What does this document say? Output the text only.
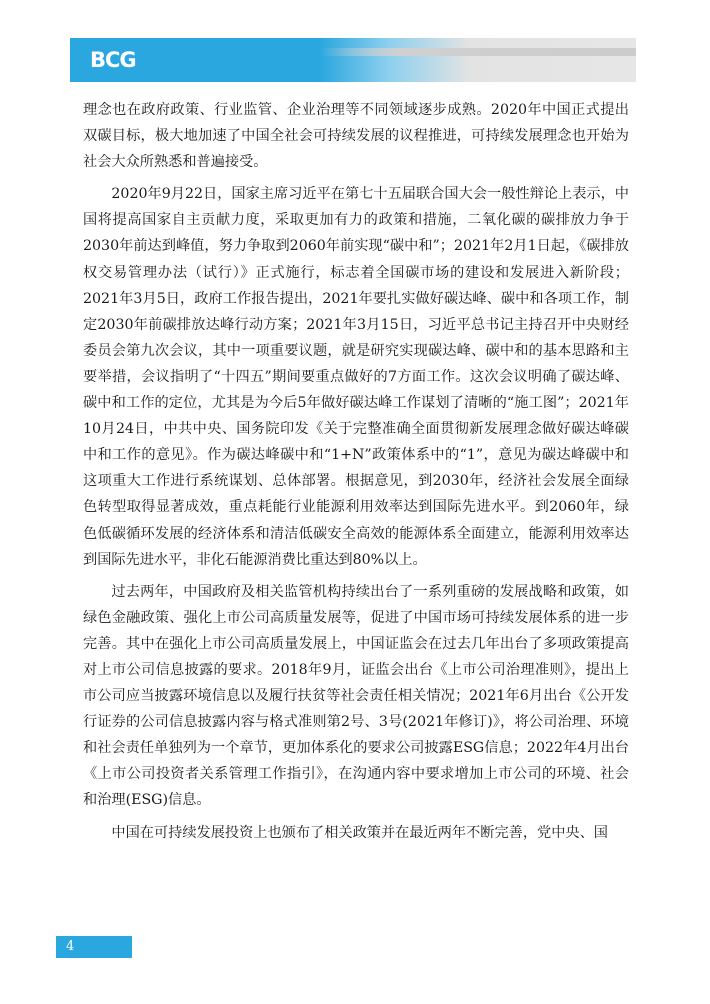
BCG

理念也在政府政策、行业监管、企业治理等不同领域逐步成熟。2020年中国正式提出双碳目标，极大地加速了中国全社会可持续发展的议程推进，可持续发展理念也开始为社会大众所熟悉和普遍接受。

2020年9月22日，国家主席习近平在第七十五届联合国大会一般性辩论上表示，中国将提高国家自主贡献力度，采取更加有力的政策和措施，二氧化碳的碳排放力争于2030年前达到峰值，努力争取到2060年前实现“碳中和”；2021年2月1日起，《碳排放权交易管理办法（试行）》正式施行，标志着全国碳市场的建设和发展进入新阶段；2021年3月5日，政府工作报告提出，2021年要扎实做好碳达峰、碳中和各项工作，制定2030年前碳排放达峰行动方案；2021年3月15日，习近平总书记主持召开中央财经委员会第九次会议，其中一项重要议题，就是研究实现碳达峰、碳中和的基本思路和主要举措，会议指明了“十四五”期间要重点做好的7方面工作。这次会议明确了碳达峰、碳中和工作的定位，尤其是为今后5年做好碳达峰工作谋划了清晰的“施工图”；2021年10月24日，中共中央、国务院印发《关于完整准确全面贯彻新发展理念做好碳达峰碳中和工作的意见》。作为碳达峰碳中和“1+N”政策体系中的“1”，意见为碳达峰碳中和这项重大工作进行系统谋划、总体部署。根据意见，到2030年，经济社会发展全面绿色转型取得显著成效，重点耗能行业能源利用效率达到国际先进水平。到2060年，绿色低碳循环发展的经济体系和清洁低碳安全高效的能源体系全面建立，能源利用效率达到国际先进水平，非化石能源消费比重达到80%以上。

过去两年，中国政府及相关监管机构持续出台了一系列重磅的发展战略和政策，如绿色金融政策、强化上市公司高质量发展等，促进了中国市场可持续发展体系的进一步完善。其中在强化上市公司高质量发展上，中国证监会在过去几年出台了多项政策提高对上市公司信息披露的要求。2018年9月，证监会出台《上市公司治理准则》，提出上市公司应当披露环境信息以及履行扶贫等社会责任相关情况；2021年6月出台《公开发行证券的公司信息披露内容与格式准则第2号、3号(2021年修订)》，将公司治理、环境和社会责任单独列为一个章节，更加体系化的要求公司披露ESG信息；2022年4月出台《上市公司投资者关系管理工作指引》，在沟通内容中要求增加上市公司的环境、社会和治理(ESG)信息。

中国在可持续发展投资上也颁布了相关政策并在最近两年不断完善，党中央、国

4
